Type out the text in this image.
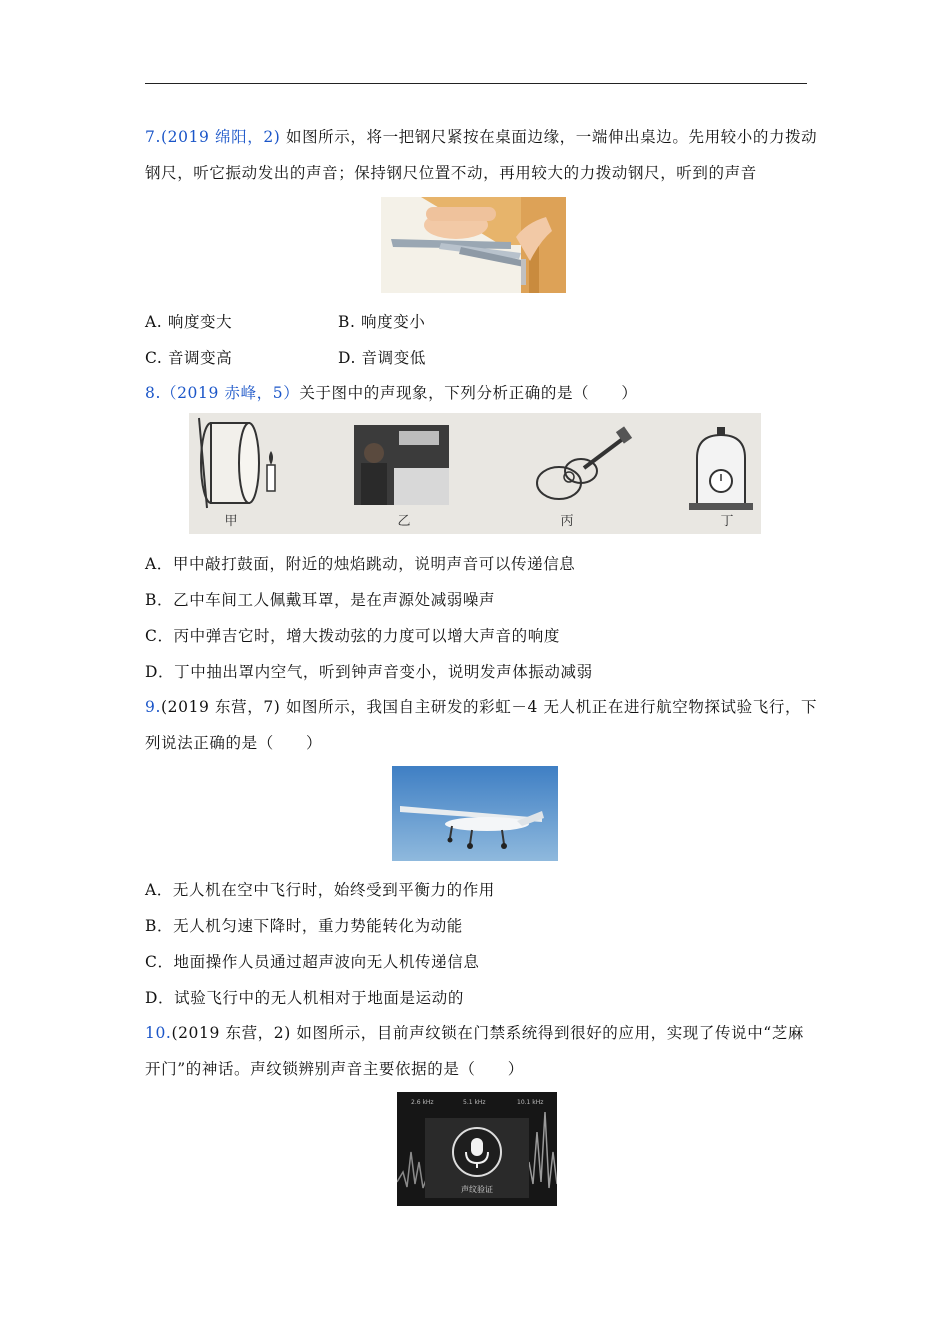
7.(2019 绵阳，2) 如图所示，将一把钢尺紧按在桌面边缘，一端伸出桌边。先用较小的力拨动
钢尺，听它振动发出的声音；保持钢尺位置不动，再用较大的力拨动钢尺，听到的声音
A. 响度变大	B. 响度变小
C. 音调变高	D. 音调变低
8.（2019 赤峰，5）关于图中的声现象，下列分析正确的是（　　）
甲	乙	丙	丁
A．甲中敲打鼓面，附近的烛焰跳动，说明声音可以传递信息
B．乙中车间工人佩戴耳罩，是在声源处减弱噪声
C．丙中弹吉它时，增大拨动弦的力度可以增大声音的响度
D．丁中抽出罩内空气，听到钟声音变小，说明发声体振动减弱
9.(2019 东营，7) 如图所示，我国自主研发的彩虹－4 无人机正在进行航空物探试验飞行，下
列说法正确的是（　　）
A．无人机在空中飞行时，始终受到平衡力的作用
B．无人机匀速下降时，重力势能转化为动能
C．地面操作人员通过超声波向无人机传递信息
D．试验飞行中的无人机相对于地面是运动的
10.(2019 东营，2) 如图所示，目前声纹锁在门禁系统得到很好的应用，实现了传说中“芝麻
开门”的神话。声纹锁辨别声音主要依据的是（　　）
2.6 kHz	5.1 kHz	10.1 kHz
声纹验证
